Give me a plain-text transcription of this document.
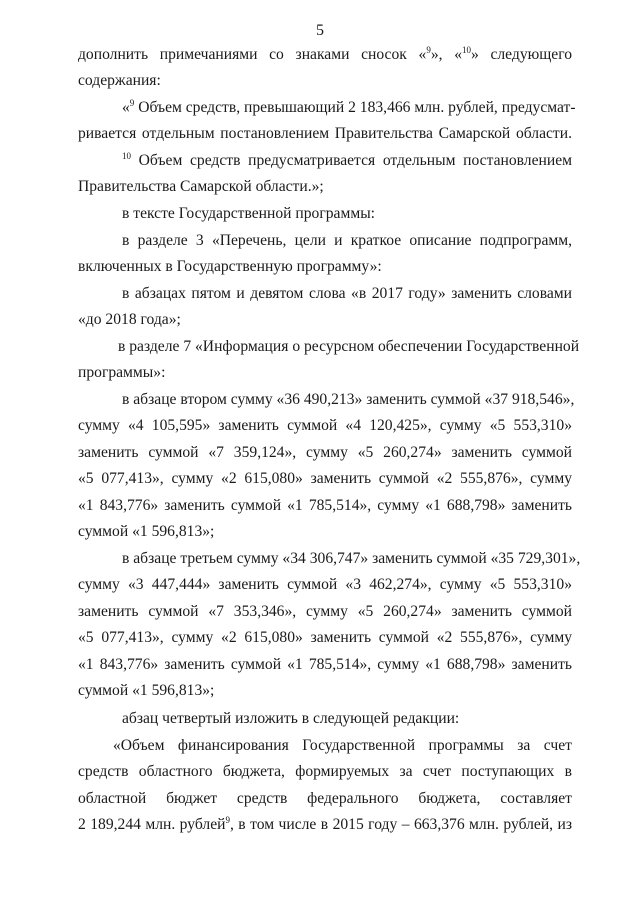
5
дополнить примечаниями со знаками сносок «$^9$», «$^{10}$» следующего
содержания:
«$^9$ Объем средств, превышающий 2 183,466 млн. рублей, предусмат-
ривается отдельным постановлением Правительства Самарской области.
$^{10}$ Объем средств предусматривается отдельным постановлением
Правительства Самарской области.»;
в тексте Государственной программы:
в разделе 3 «Перечень, цели и краткое описание подпрограмм,
включенных в Государственную программу»:
в абзацах пятом и девятом слова «в 2017 году» заменить словами
«до 2018 года»;
в разделе 7 «Информация о ресурсном обеспечении Государственной
программы»:
в абзаце втором сумму «36 490,213» заменить суммой «37 918,546»,
сумму «4 105,595» заменить суммой «4 120,425», сумму «5 553,310»
заменить суммой «7 359,124», сумму «5 260,274» заменить суммой
«5 077,413», сумму «2 615,080» заменить суммой «2 555,876», сумму
«1 843,776» заменить суммой «1 785,514», сумму «1 688,798» заменить
суммой «1 596,813»;
в абзаце третьем сумму «34 306,747» заменить суммой «35 729,301»,
сумму «3 447,444» заменить суммой «3 462,274», сумму «5 553,310»
заменить суммой «7 353,346», сумму «5 260,274» заменить суммой
«5 077,413», сумму «2 615,080» заменить суммой «2 555,876», сумму
«1 843,776» заменить суммой «1 785,514», сумму «1 688,798» заменить
суммой «1 596,813»;
абзац четвертый изложить в следующей редакции:
«Объем финансирования Государственной программы за счет
средств областного бюджета, формируемых за счет поступающих в
областной бюджет средств федерального бюджета, составляет
2 189,244 млн. рублей$^9$, в том числе в 2015 году – 663,376 млн. рублей, из
